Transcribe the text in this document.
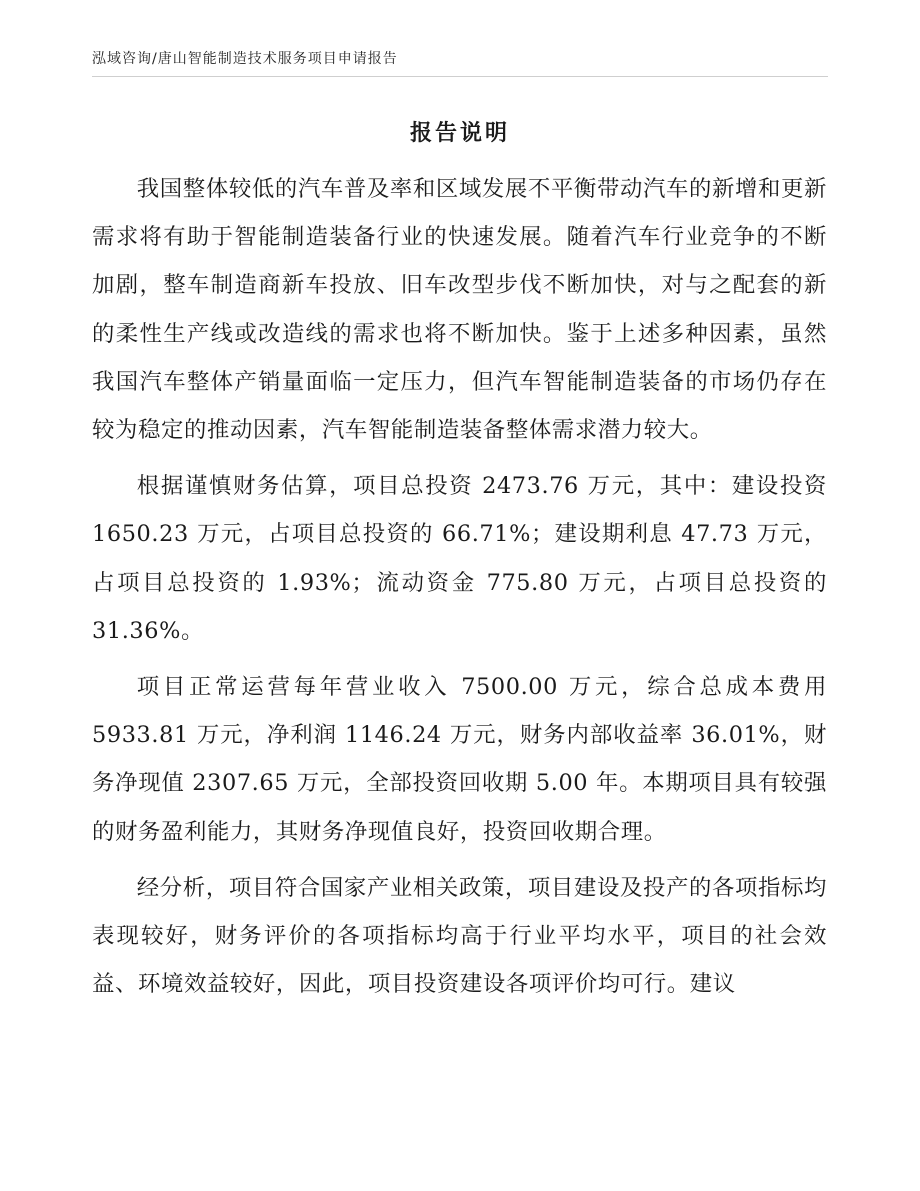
泓域咨询/唐山智能制造技术服务项目申请报告
报告说明

我国整体较低的汽车普及率和区域发展不平衡带动汽车的新增和更新需求将有助于智能制造装备行业的快速发展。随着汽车行业竞争的不断加剧，整车制造商新车投放、旧车改型步伐不断加快，对与之配套的新的柔性生产线或改造线的需求也将不断加快。鉴于上述多种因素，虽然我国汽车整体产销量面临一定压力，但汽车智能制造装备的市场仍存在较为稳定的推动因素，汽车智能制造装备整体需求潜力较大。

根据谨慎财务估算，项目总投资 2473.76 万元，其中：建设投资1650.23 万元，占项目总投资的 66.71%；建设期利息 47.73 万元，占项目总投资的 1.93%；流动资金 775.80 万元，占项目总投资的 31.36%。

项目正常运营每年营业收入 7500.00 万元，综合总成本费用5933.81 万元，净利润 1146.24 万元，财务内部收益率 36.01%，财务净现值 2307.65 万元，全部投资回收期 5.00 年。本期项目具有较强的财务盈利能力，其财务净现值良好，投资回收期合理。

经分析，项目符合国家产业相关政策，项目建设及投产的各项指标均表现较好，财务评价的各项指标均高于行业平均水平，项目的社会效益、环境效益较好，因此，项目投资建设各项评价均可行。建议
